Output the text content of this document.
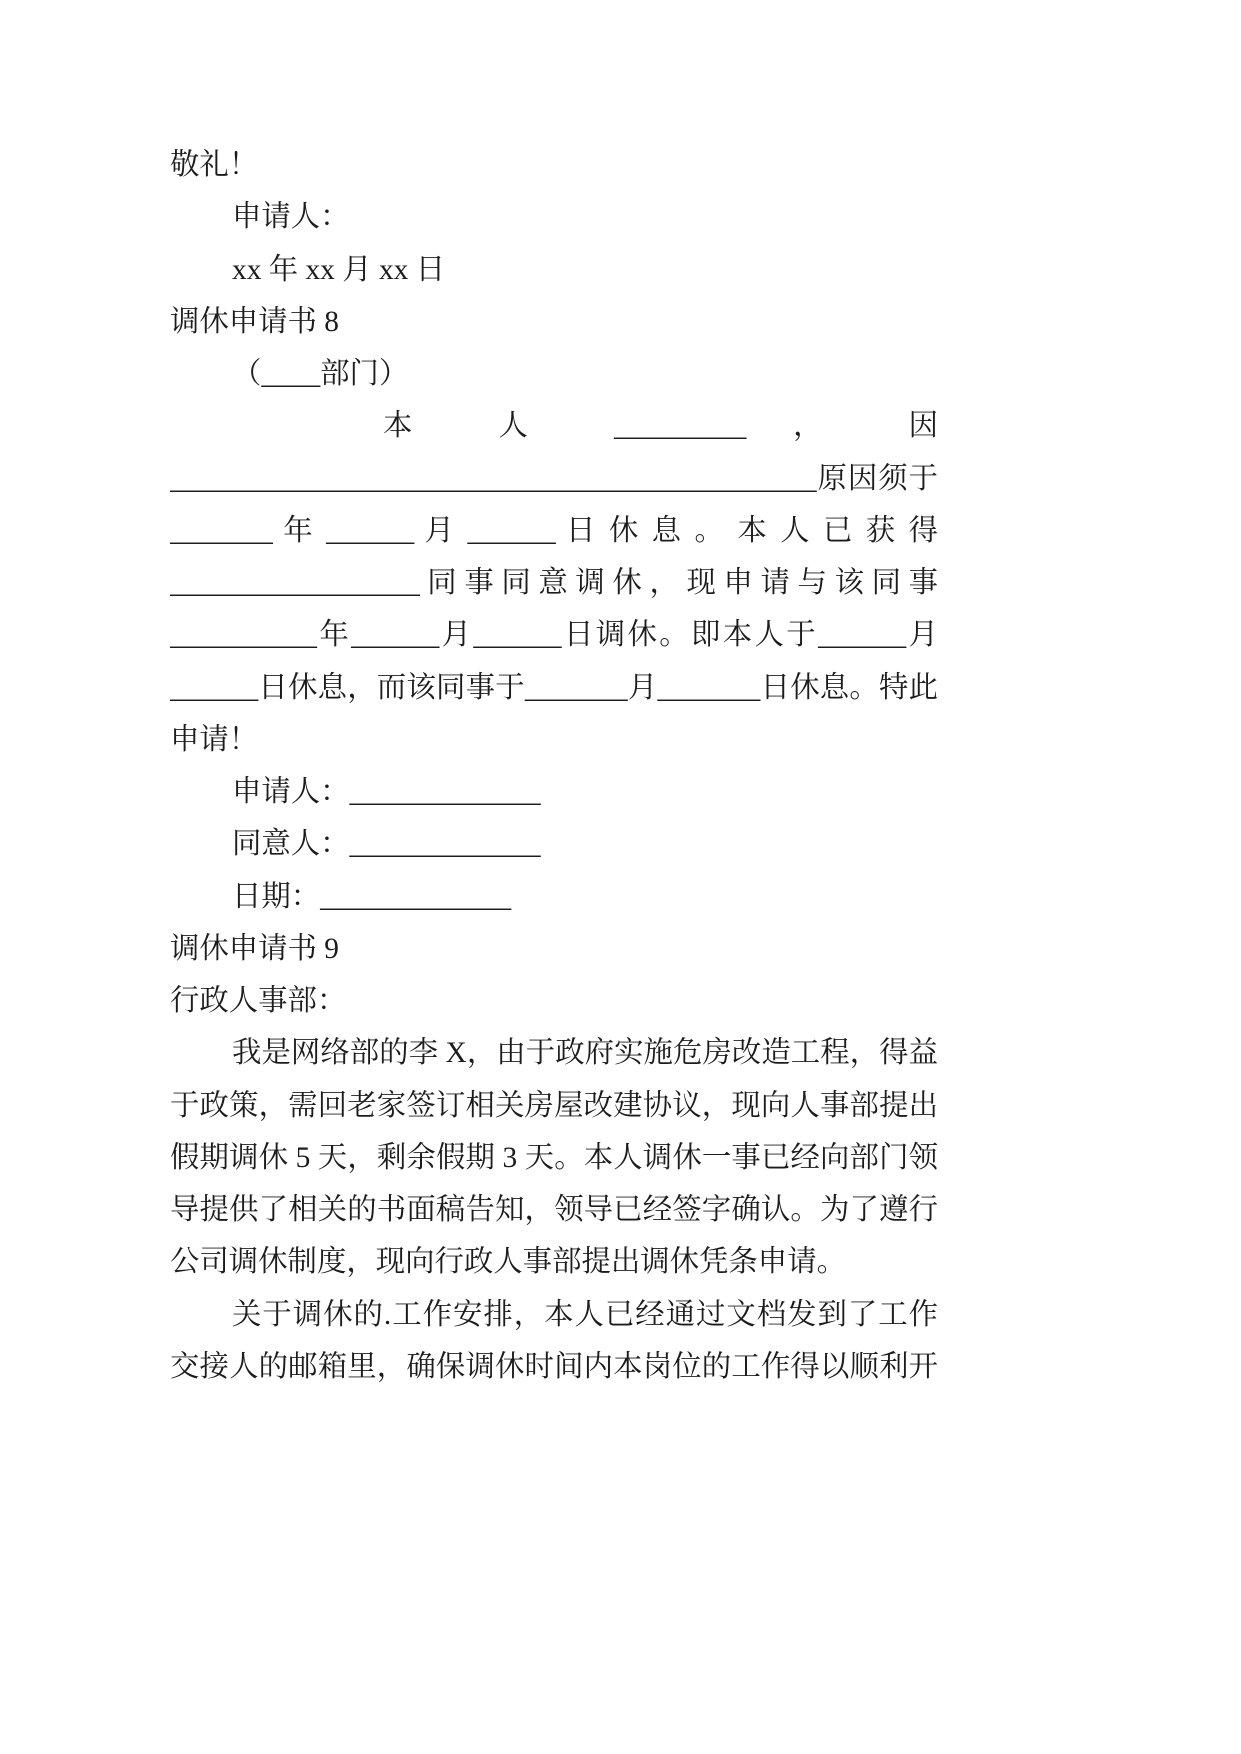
敬礼！
申请人：
xx 年 xx 月 xx 日
调休申请书 8
（____部门）
本 人 _________ ， 因
____________________________________________原因须于
_______ 年 ______ 月 ______ 日 休 息 。 本 人 已 获 得
_________________ 同 事 同 意 调 休 ， 现 申 请 与 该 同 事
__________年______月______日调休。即本人于______月
______日休息，而该同事于_______月_______日休息。特此
申请！
申请人：_____________
同意人：_____________
日期：_____________
调休申请书 9
行政人事部：
我是网络部的李 X，由于政府实施危房改造工程，得益
于政策，需回老家签订相关房屋改建协议，现向人事部提出
假期调休 5 天，剩余假期 3 天。本人调休一事已经向部门领
导提供了相关的书面稿告知，领导已经签字确认。为了遵行
公司调休制度，现向行政人事部提出调休凭条申请。
关于调休的.工作安排，本人已经通过文档发到了工作
交接人的邮箱里，确保调休时间内本岗位的工作得以顺利开
